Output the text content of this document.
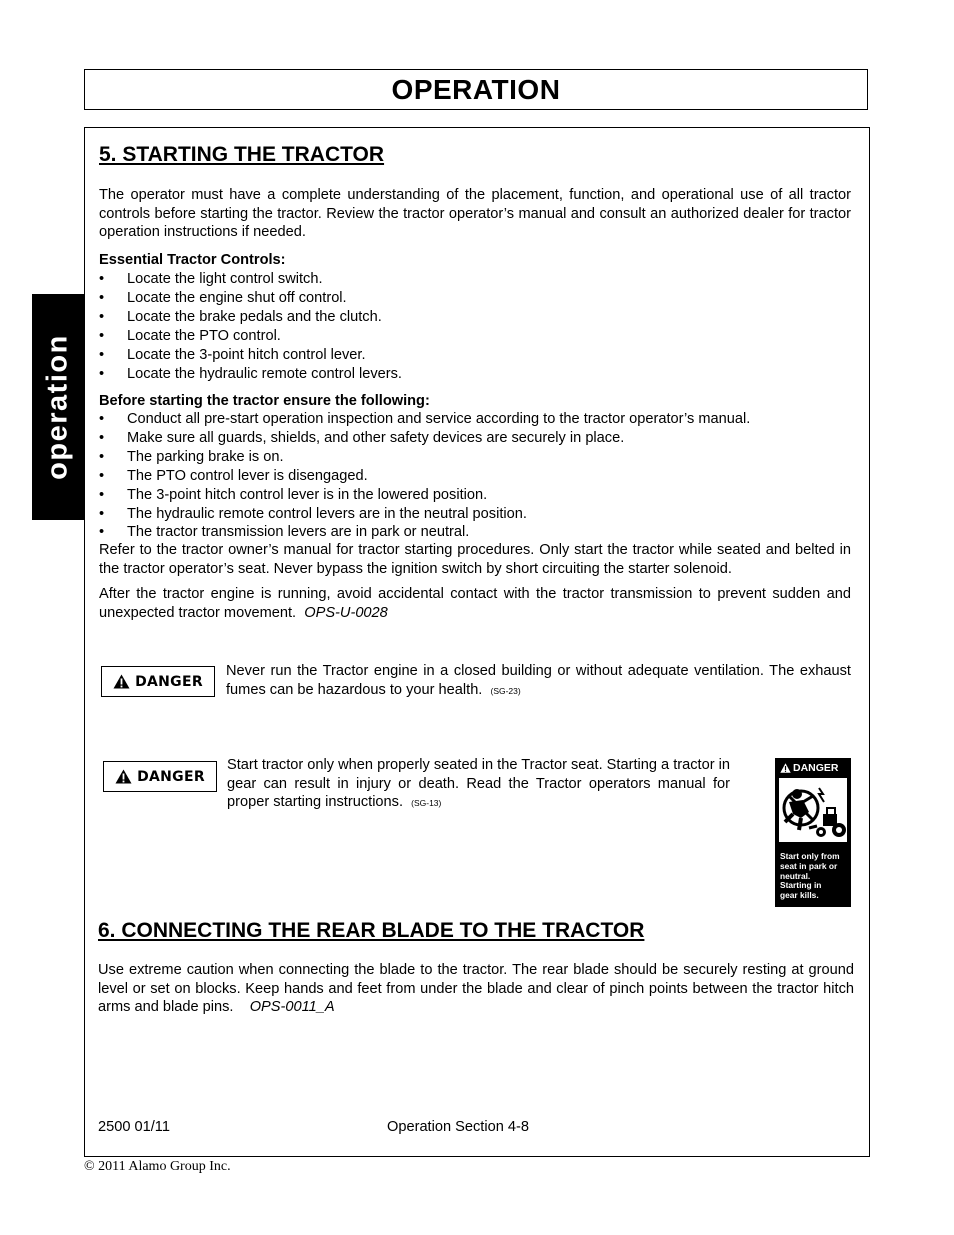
OPERATION
operation
5. STARTING THE TRACTOR
The operator must have a complete understanding of the placement, function, and operational use of all tractor controls before starting the tractor. Review the tractor operator’s manual and consult an authorized dealer for tractor operation instructions if needed.
Essential Tractor Controls:
• Locate the light control switch.
• Locate the engine shut off control.
• Locate the brake pedals and the clutch.
• Locate the PTO control.
• Locate the 3-point hitch control lever.
• Locate the hydraulic remote control levers.
Before starting the tractor ensure the following:
• Conduct all pre-start operation inspection and service according to the tractor operator’s manual.
• Make sure all guards, shields, and other safety devices are securely in place.
• The parking brake is on.
• The PTO control lever is disengaged.
• The 3-point hitch control lever is in the lowered position.
• The hydraulic remote control levers are in the neutral position.
• The tractor transmission levers are in park or neutral.
Refer to the tractor owner’s manual for tractor starting procedures. Only start the tractor while seated and belted in the tractor operator’s seat. Never bypass the ignition switch by short circuiting the starter solenoid.
After the tractor engine is running, avoid accidental contact with the tractor transmission to prevent sudden and unexpected tractor movement. OPS-U-0028
DANGER
Never run the Tractor engine in a closed building or without adequate ventilation. The exhaust fumes can be hazardous to your health. (SG-23)
DANGER
Start tractor only when properly seated in the Tractor seat. Starting a tractor in gear can result in injury or death. Read the Tractor operators manual for proper starting instructions. (SG-13)
DANGER
Start only from
seat in park or
neutral.
Starting in
gear kills.
6. CONNECTING THE REAR BLADE TO THE TRACTOR
Use extreme caution when connecting the blade to the tractor. The rear blade should be securely resting at ground level or set on blocks. Keep hands and feet from under the blade and clear of pinch points between the tractor hitch arms and blade pins. OPS-0011_A
2500 01/11	Operation Section 4-8
© 2011 Alamo Group Inc.
